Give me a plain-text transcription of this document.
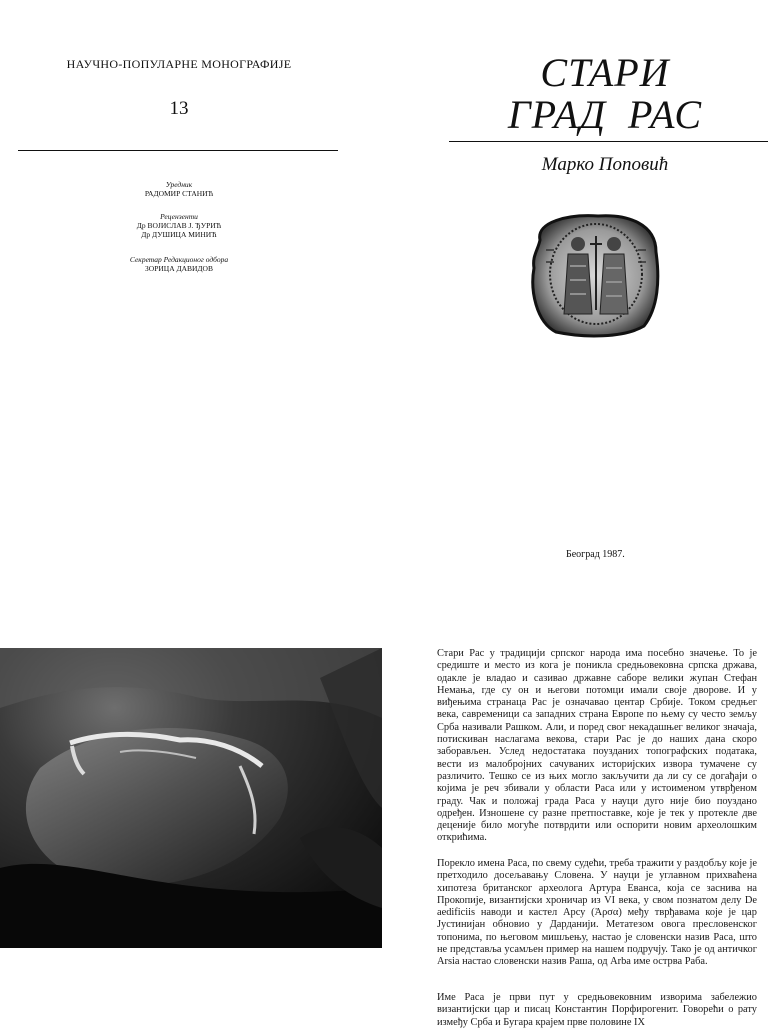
НАУЧНО-ПОПУЛАРНЕ МОНОГРАФИЈЕ
13
Уредник
РАДОМИР СТАНИЋ
Рецензенти
Др ВОЈИСЛАВ Ј. ЂУРИЋ
Др ДУШИЦА МИНИЋ
Секретар Редакционог одбора
ЗОРИЦА ДАВИДОВ
СТАРИ
ГРАД  РАС
Марко Поповић
Београд 1987.

Стари Рас у традицији српског народа има посебно значење. То је средиште и место из кога је поникла средњовековна српска држава, одакле је владао и сазивао државне саборе велики жупан Стефан Немања, где су он и његови потомци имали своје дворове. И у виђењима странаца Рас је означавао центар Србије. Током средњег века, савременици са западних страна Европе по њему су често земљу Срба називали Рашком. Али, и поред свог некадашњег великог значаја, потискиван наслагама векова, стари Рас је до наших дана скоро заборављен. Услед недостатака поузданих топографских података, вести из малобројних сачуваних историјских извора тумачене су различито. Тешко се из њих могло закључити да ли су се догађаји о којима је реч збивали у области Раса или у истоименом утврђеном граду. Чак и положај града Раса у науци дуго није био поуздано одређен. Изношене су разне претпоставке, које је тек у протекле две деценије било могуће потврдити или оспорити новим археолошким открићима.

Порекло имена Раса, по свему судећи, треба тражити у раздобљу које је претходило досељавању Словена. У науци је углавном прихваћена хипотеза британског археолога Артура Еванса, која се заснива на Прокопије, византијски хроничар из VI века, у свом познатом делу De aedificiis наводи и кастел Арсу (Ἀρσα) међу тврђавама које је цар Јустинијан обновио у Дарданији. Метатезом овога пресловенског топонима, по његовом мишљењу, настао је словенски назив Раса, што не представља усамљен пример на нашем подручју. Тако је од античког Arsia настао словенски назив Раша, од Arba име острва Раба.

Име Раса је први пут у средњовековним изворима забележио византијски цар и писац Константин Порфирогенит. Говорећи о рату између Срба и Бугара крајем прве половине IX
